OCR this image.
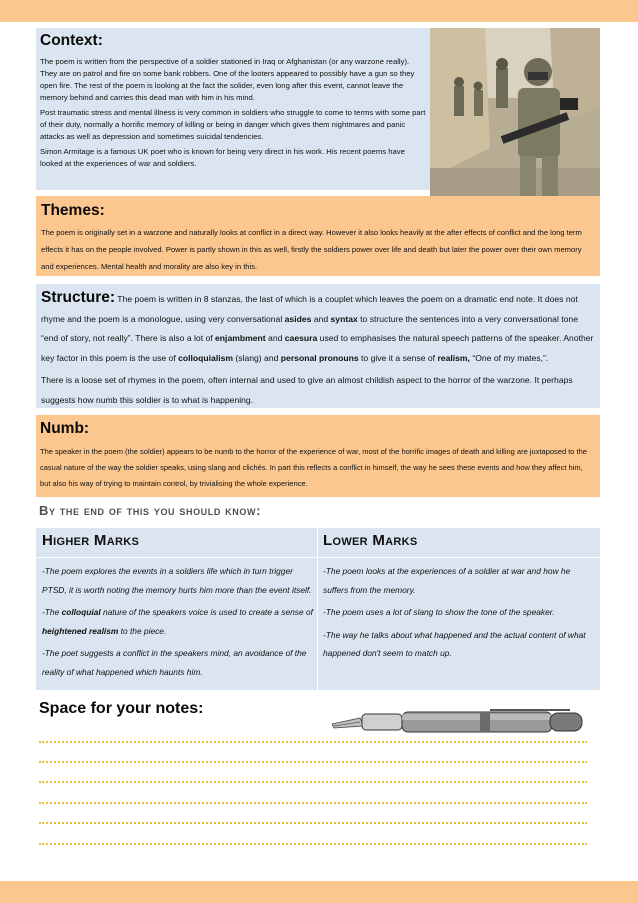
Context:

The poem is written from the perspective of a soldier stationed in Iraq or Afghanistan (or any warzone really). They are on patrol and fire on some bank robbers. One of the looters appeared to possibly have a gun so they open fire. The rest of the poem is looking at the fact the solider, even long after this event, cannot leave the memory behind and carries this dead man with him in his mind.

Post traumatic stress and mental illness is very common in soldiers who struggle to come to terms with some part of their duty, normally a horrific memory of killing or being in danger which gives them nightmares and panic attacks as well as depression and sometimes suicidal tendencies.

Simon Armitage is a famous UK poet who is known for being very direct in his work. His recent poems have looked at the experiences of war and soldiers.

Themes:
The poem is originally set in a warzone and naturally looks at conflict in a direct way. However it also looks heavily at the after effects of conflict and the long term effects it has on the people involved. Power is partly shown in this as well, firstly the soldiers power over life and death but later the power over their own memory and experiences. Mental health and morality are also key in this.

Structure: The poem is written in 8 stanzas, the last of which is a couplet which leaves the poem on a dramatic end note. It does not rhyme and the poem is a monologue, using very conversational asides and syntax to structure the sentences into a very conversational tone “end of story, not really”. There is also a lot of enjambment and caesura used to emphasises the natural speech patterns of the speaker. Another key factor in this poem is the use of colloquialism (slang) and personal pronouns to give it a sense of realism, “One of my mates,”.

There is a loose set of rhymes in the poem, often internal and used to give an almost childish aspect to the horror of the warzone. It perhaps suggests how numb this soldier is to what is happening.

Numb:
The speaker in the poem (the soldier) appears to be numb to the horror of the experience of war, most of the horrific images of death and killing are juxtaposed to the casual nature of the way the soldier speaks, using slang and clichés. In part this reflects a conflict in himself, the way he sees these events and how they affect him, but also his way of trying to maintain control, by trivialising the whole experience.
By the end of this you should know:
Higher Marks
-The poem explores the events in a soldiers life which in turn trigger PTSD, it is worth noting the memory hurts him more than the event itself.
-The colloquial nature of the speakers voice is used to create a sense of heightened realism to the piece.
-The poet suggests a conflict in the speakers mind, an avoidance of the reality of what happened which haunts him.
Lower Marks
-The poem looks at the experiences of a soldier at war and how he suffers from the memory.
-The poem uses a lot of slang to show the tone of the speaker.
-The way he talks about what happened and the actual content of what happened don't seem to match up.
Space for your notes:
